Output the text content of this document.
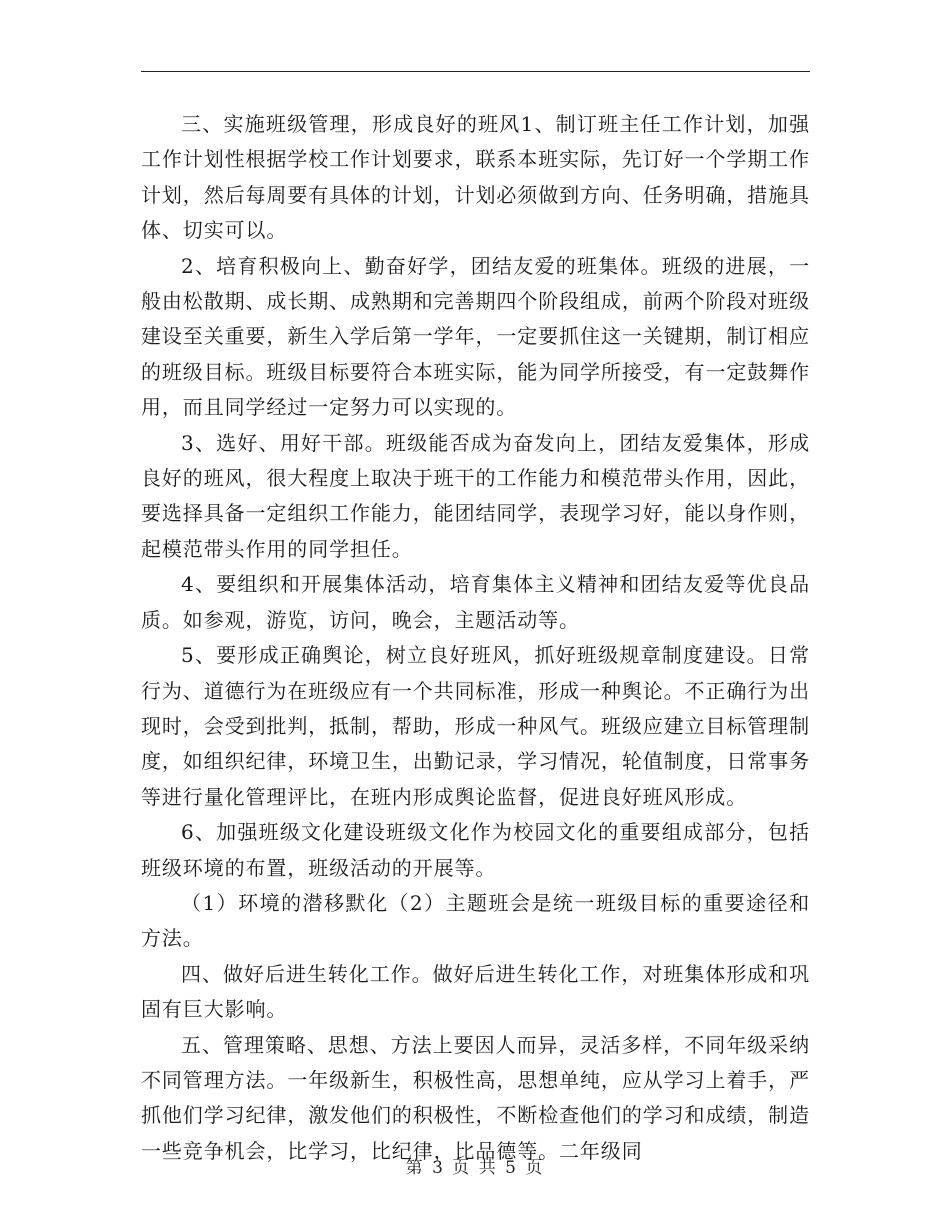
三、实施班级管理，形成良好的班风1、制订班主任工作计划，加强工作计划性根据学校工作计划要求，联系本班实际，先订好一个学期工作计划，然后每周要有具体的计划，计划必须做到方向、任务明确，措施具体、切实可以。

2、培育积极向上、勤奋好学，团结友爱的班集体。班级的进展，一般由松散期、成长期、成熟期和完善期四个阶段组成，前两个阶段对班级建设至关重要，新生入学后第一学年，一定要抓住这一关键期，制订相应的班级目标。班级目标要符合本班实际，能为同学所接受，有一定鼓舞作用，而且同学经过一定努力可以实现的。

3、选好、用好干部。班级能否成为奋发向上，团结友爱集体，形成良好的班风，很大程度上取决于班干的工作能力和模范带头作用，因此，要选择具备一定组织工作能力，能团结同学，表现学习好，能以身作则，起模范带头作用的同学担任。

4、要组织和开展集体活动，培育集体主义精神和团结友爱等优良品质。如参观，游览，访问，晚会，主题活动等。

5、要形成正确舆论，树立良好班风，抓好班级规章制度建设。日常行为、道德行为在班级应有一个共同标准，形成一种舆论。不正确行为出现时，会受到批判，抵制，帮助，形成一种风气。班级应建立目标管理制度，如组织纪律，环境卫生，出勤记录，学习情况，轮值制度，日常事务等进行量化管理评比，在班内形成舆论监督，促进良好班风形成。

6、加强班级文化建设班级文化作为校园文化的重要组成部分，包括班级环境的布置，班级活动的开展等。

（1）环境的潜移默化（2）主题班会是统一班级目标的重要途径和方法。

四、做好后进生转化工作。做好后进生转化工作，对班集体形成和巩固有巨大影响。

五、管理策略、思想、方法上要因人而异，灵活多样，不同年级采纳不同管理方法。一年级新生，积极性高，思想单纯，应从学习上着手，严抓他们学习纪律，激发他们的积极性，不断检查他们的学习和成绩，制造一些竞争机会，比学习，比纪律，比品德等。二年级同

第 3 页 共 5 页
